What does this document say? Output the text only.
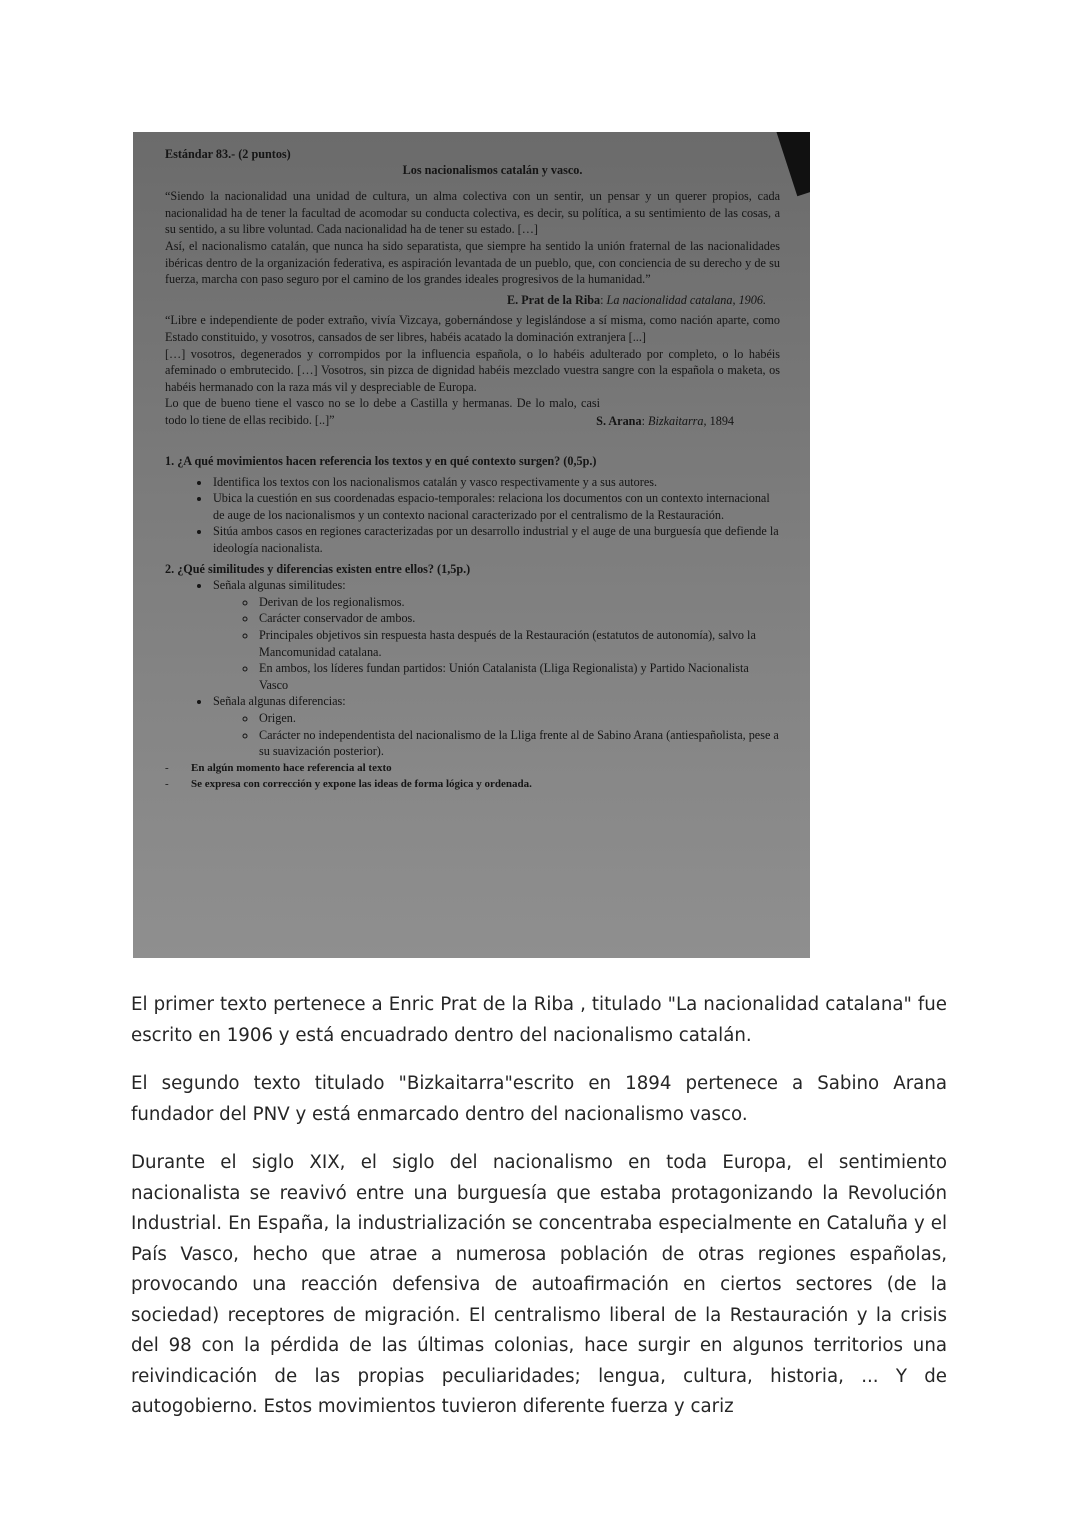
Estándar 83.- (2 puntos)

Los nacionalismos catalán y vasco.

“Siendo la nacionalidad una unidad de cultura, un alma colectiva con un sentir, un pensar y un querer propios, cada nacionalidad ha de tener la facultad de acomodar su conducta colectiva, es decir, su política, a su sentimiento de las cosas, a su sentido, a su libre voluntad. Cada nacionalidad ha de tener su estado. […]

Así, el nacionalismo catalán, que nunca ha sido separatista, que siempre ha sentido la unión fraternal de las nacionalidades ibéricas dentro de la organización federativa, es aspiración levantada de un pueblo, que, con conciencia de su derecho y de su fuerza, marcha con paso seguro por el camino de los grandes ideales progresivos de la humanidad.”

E. Prat de la Riba: La nacionalidad catalana, 1906.

“Libre e independiente de poder extraño, vivía Vizcaya, gobernándose y legislándose a sí misma, como nación aparte, como Estado constituido, y vosotros, cansados de ser libres, habéis acatado la dominación extranjera [...]

[…] vosotros, degenerados y corrompidos por la influencia española, o lo habéis adulterado por completo, o lo habéis afeminado o embrutecido. […] Vosotros, sin pizca de dignidad habéis mezclado vuestra sangre con la española o maketa, os habéis hermanado con la raza más vil y despreciable de Europa.

Lo que de bueno tiene el vasco no se lo debe a Castilla y hermanas. De lo malo, casi todo lo tiene de ellas recibido. [..]”	S. Arana: Bizkaitarra, 1894

1. ¿A qué movimientos hacen referencia los textos y en qué contexto surgen? (0,5p.)

• Identifica los textos con los nacionalismos catalán y vasco respectivamente y a sus autores.
• Ubica la cuestión en sus coordenadas espacio-temporales: relaciona los documentos con un contexto internacional de auge de los nacionalismos y un contexto nacional caracterizado por el centralismo de la Restauración.
• Sitúa ambos casos en regiones caracterizadas por un desarrollo industrial y el auge de una burguesía que defiende la ideología nacionalista.

2. ¿Qué similitudes y diferencias existen entre ellos? (1,5p.)

• Señala algunas similitudes:
◦ Derivan de los regionalismos.
◦ Carácter conservador de ambos.
◦ Principales objetivos sin respuesta hasta después de la Restauración (estatutos de autonomía), salvo la Mancomunidad catalana.
◦ En ambos, los líderes fundan partidos: Unión Catalanista (Lliga Regionalista) y Partido Nacionalista Vasco
• Señala algunas diferencias:
◦ Origen.
◦ Carácter no independentista del nacionalismo de la Lliga frente al de Sabino Arana (antiespañolista, pese a su suavización posterior).
- En algún momento hace referencia al texto
- Se expresa con corrección y expone las ideas de forma lógica y ordenada.

El primer texto pertenece a Enric Prat de la Riba , titulado "La nacionalidad catalana" fue escrito en 1906 y está encuadrado dentro del nacionalismo catalán.

El segundo texto titulado "Bizkaitarra"escrito en 1894 pertenece a Sabino Arana fundador del PNV y está enmarcado dentro del nacionalismo vasco.

Durante el siglo XIX, el siglo del nacionalismo en toda Europa, el sentimiento nacionalista se reavivó entre una burguesía que estaba protagonizando la Revolución Industrial. En España, la industrialización se concentraba especialmente en Cataluña y el País Vasco, hecho que atrae a numerosa población de otras regiones españolas, provocando una reacción defensiva de autoafirmación en ciertos sectores (de la sociedad) receptores de migración. El centralismo liberal de la Restauración y la crisis del 98 con la pérdida de las últimas colonias, hace surgir en algunos territorios una reivindicación de las propias peculiaridades; lengua, cultura, historia, ... Y de autogobierno. Estos movimientos tuvieron diferente fuerza y cariz
